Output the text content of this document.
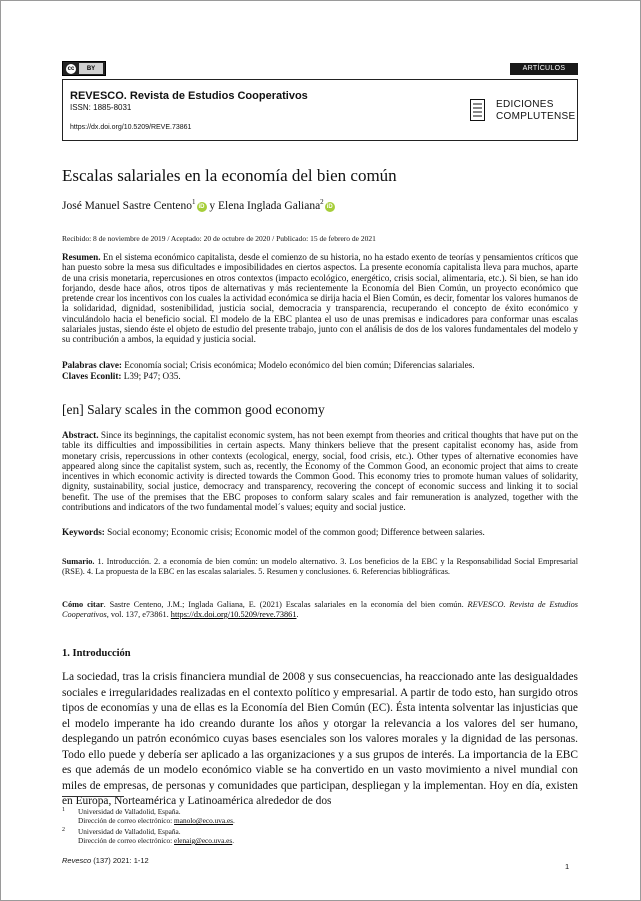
cc	BY	ARTÍCULOS
REVESCO. Revista de Estudios Cooperativos
ISSN: 1885-8031
https://dx.doi.org/10.5209/REVE.73861
EDICIONES
COMPLUTENSE
Escalas salariales en la economía del bien común
José Manuel Sastre Centeno$^1$iD y Elena Inglada Galiana$^2$iD
Recibido: 8 de noviembre de 2019 / Aceptado: 20 de octubre de 2020 / Publicado: 15 de febrero de 2021
Resumen. En el sistema económico capitalista, desde el comienzo de su historia, no ha estado exento de teorías y pensamientos críticos que han puesto sobre la mesa sus dificultades e imposibilidades en ciertos aspectos. La presente economía capitalista lleva para muchos, aparte de una crisis monetaria, repercusiones en otros contextos (impacto ecológico, energético, crisis social, alimentaria, etc.). Si bien, se han ido forjando, desde hace años, otros tipos de alternativas y más recientemente la Economía del Bien Común, un proyecto económico que pretende crear los incentivos con los cuales la actividad económica se dirija hacia el Bien Común, es decir, fomentar los valores humanos de la solidaridad, dignidad, sostenibilidad, justicia social, democracia y transparencia, recuperando el concepto de éxito económico y vinculándolo hacia el beneficio social. El modelo de la EBC plantea el uso de unas premisas e indicadores para conformar unas escalas salariales justas, siendo éste el objeto de estudio del presente trabajo, junto con el análisis de dos de los valores fundamentales del modelo y su contribución a ambos, la equidad y justicia social.
Palabras clave: Economía social; Crisis económica; Modelo económico del bien común; Diferencias salariales.
Claves Econlit: L39; P47; O35.
[en] Salary scales in the common good economy
Abstract. Since its beginnings, the capitalist economic system, has not been exempt from theories and critical thoughts that have put on the table its difficulties and impossibilities in certain aspects. Many thinkers believe that the present capitalist economy has, aside from monetary crisis, repercussions in other contexts (ecological, energy, social, food crisis, etc.). Other types of alternative economies have appeared along since the capitalist system, such as, recently, the Economy of the Common Good, an economic project that aims to create incentives in which economic activity is directed towards the Common Good. This economy tries to promote human values of solidarity, dignity, sustainability, social justice, democracy and transparency, recovering the concept of economic success and linking it to social benefit. The use of the premises that the EBC proposes to conform salary scales and fair remuneration is analyzed, together with the contributions and indicators of the two fundamental model´s values; equity and social justice.
Keywords: Social economy; Economic crisis; Economic model of the common good; Difference between salaries.
Sumario. 1. Introducción. 2. a economía de bien común: un modelo alternativo. 3. Los beneficios de la EBC y la Responsabilidad Social Empresarial (RSE). 4. La propuesta de la EBC en las escalas salariales. 5. Resumen y conclusiones. 6. Referencias bibliográficas.
Cómo citar. Sastre Centeno, J.M.; Inglada Galiana, E. (2021) Escalas salariales en la economía del bien común. REVESCO. Revista de Estudios Cooperativos, vol. 137, e73861. https://dx.doi.org/10.5209/reve.73861.
1. Introducción
La sociedad, tras la crisis financiera mundial de 2008 y sus consecuencias, ha reaccionado ante las desigualdades sociales e irregularidades realizadas en el contexto político y empresarial. A partir de todo esto, han surgido otros tipos de economías y una de ellas es la Economía del Bien Común (EC). Ésta intenta solventar las injusticias que el modelo imperante ha ido creando durante los años y otorgar la relevancia a los valores del ser humano, desplegando un patrón económico cuyas bases esenciales son los valores morales y la dignidad de las personas. Todo ello puede y debería ser aplicado a las organizaciones y a sus grupos de interés. La importancia de la EBC es que además de un modelo económico viable se ha convertido en un vasto movimiento a nivel mundial con miles de empresas, de personas y comunidades que participan, despliegan y la implementan. Hoy en día, existen en Europa, Norteamérica y Latinoamérica alrededor de dos
1 Universidad de Valladolid, España.
Dirección de correo electrónico: manolo@eco.uva.es.
2 Universidad de Valladolid, España.
Dirección de correo electrónico: elenaig@eco.uva.es.
Revesco (137) 2021: 1-12
1
